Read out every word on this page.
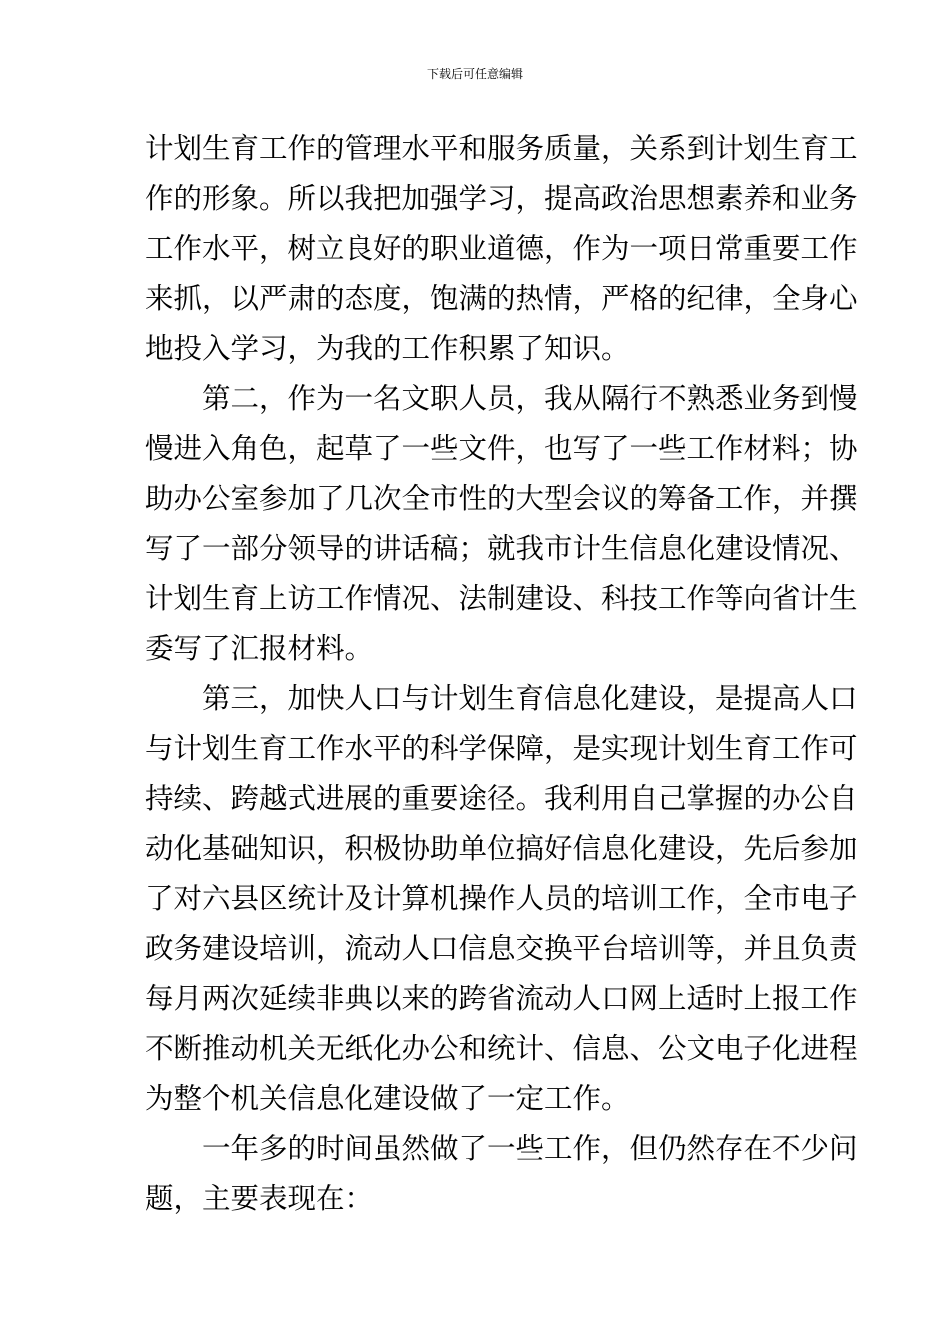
下载后可任意编辑
计划生育工作的管理水平和服务质量，关系到计划生育工
作的形象。所以我把加强学习，提高政治思想素养和业务
工作水平，树立良好的职业道德，作为一项日常重要工作
来抓，以严肃的态度，饱满的热情，严格的纪律，全身心
地投入学习，为我的工作积累了知识。
第二，作为一名文职人员，我从隔行不熟悉业务到慢
慢进入角色，起草了一些文件，也写了一些工作材料；协
助办公室参加了几次全市性的大型会议的筹备工作，并撰
写了一部分领导的讲话稿；就我市计生信息化建设情况、
计划生育上访工作情况、法制建设、科技工作等向省计生
委写了汇报材料。
第三，加快人口与计划生育信息化建设，是提高人口
与计划生育工作水平的科学保障，是实现计划生育工作可
持续、跨越式进展的重要途径。我利用自己掌握的办公自
动化基础知识，积极协助单位搞好信息化建设，先后参加
了对六县区统计及计算机操作人员的培训工作，全市电子
政务建设培训，流动人口信息交换平台培训等，并且负责
每月两次延续非典以来的跨省流动人口网上适时上报工作
不断推动机关无纸化办公和统计、信息、公文电子化进程
为整个机关信息化建设做了一定工作。
一年多的时间虽然做了一些工作，但仍然存在不少问
题，主要表现在：
